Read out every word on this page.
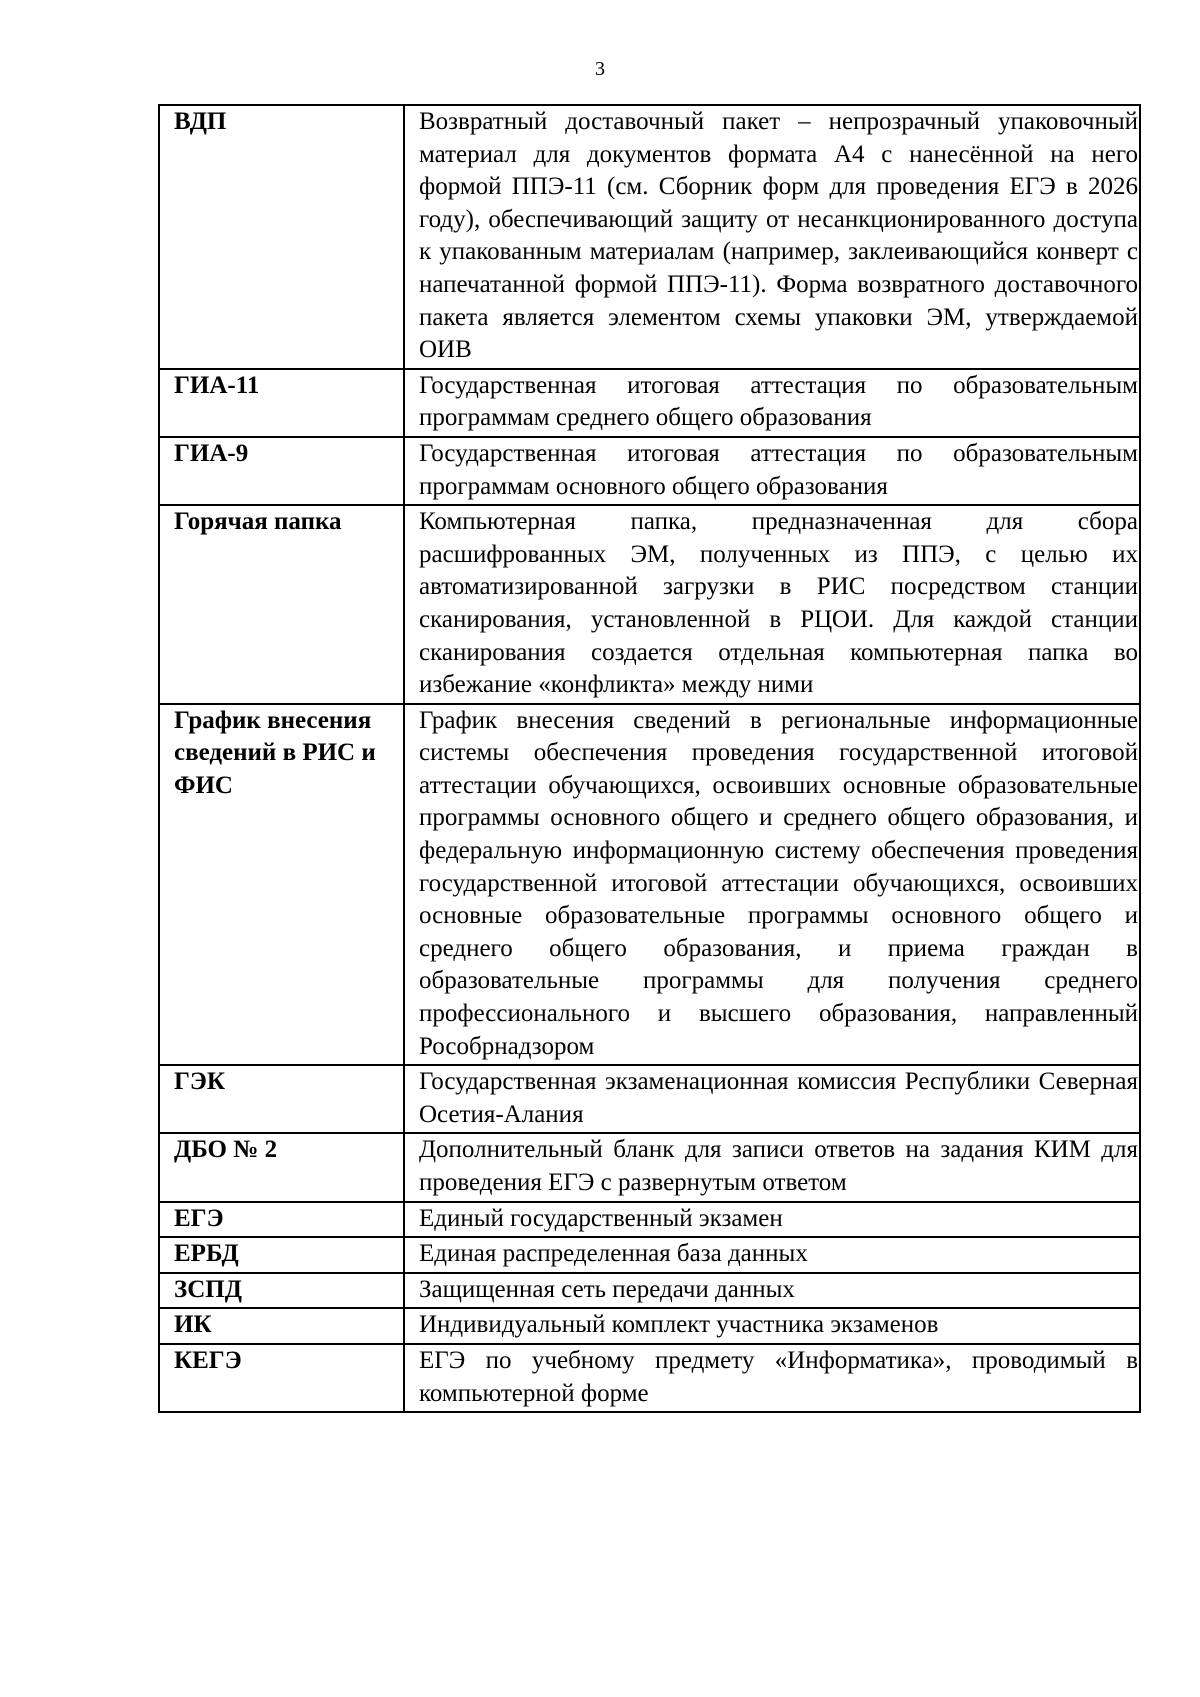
3
ВДП	Возвратный доставочный пакет – непрозрачный упаковочный материал для документов формата А4 с нанесённой на него формой ППЭ-11 (см. Сборник форм для проведения ЕГЭ в 2026 году), обеспечивающий защиту от несанкционированного доступа к упакованным материалам (например, заклеивающийся конверт с напечатанной формой ППЭ-11). Форма возвратного доставочного пакета является элементом схемы упаковки ЭМ, утверждаемой ОИВ
ГИА-11	Государственная итоговая аттестация по образовательным программам среднего общего образования
ГИА-9	Государственная итоговая аттестация по образовательным программам основного общего образования
Горячая папка	Компьютерная папка, предназначенная для сбора расшифрованных ЭМ, полученных из ППЭ, с целью их автоматизированной загрузки в РИС посредством станции сканирования, установленной в РЦОИ. Для каждой станции сканирования создается отдельная компьютерная папка во избежание «конфликта» между ними
График внесения сведений в РИС и ФИС	График внесения сведений в региональные информационные системы обеспечения проведения государственной итоговой аттестации обучающихся, освоивших основные образовательные программы основного общего и среднего общего образования, и федеральную информационную систему обеспечения проведения государственной итоговой аттестации обучающихся, освоивших основные образовательные программы основного общего и среднего общего образования, и приема граждан в образовательные программы для получения среднего профессионального и высшего образования, направленный Рособрнадзором
ГЭК	Государственная экзаменационная комиссия Республики Северная Осетия-Алания
ДБО № 2	Дополнительный бланк для записи ответов на задания КИМ для проведения ЕГЭ с развернутым ответом
ЕГЭ	Единый государственный экзамен
ЕРБД	Единая распределенная база данных
ЗСПД	Защищенная сеть передачи данных
ИК	Индивидуальный комплект участника экзаменов
КЕГЭ	ЕГЭ по учебному предмету «Информатика», проводимый в компьютерной форме
